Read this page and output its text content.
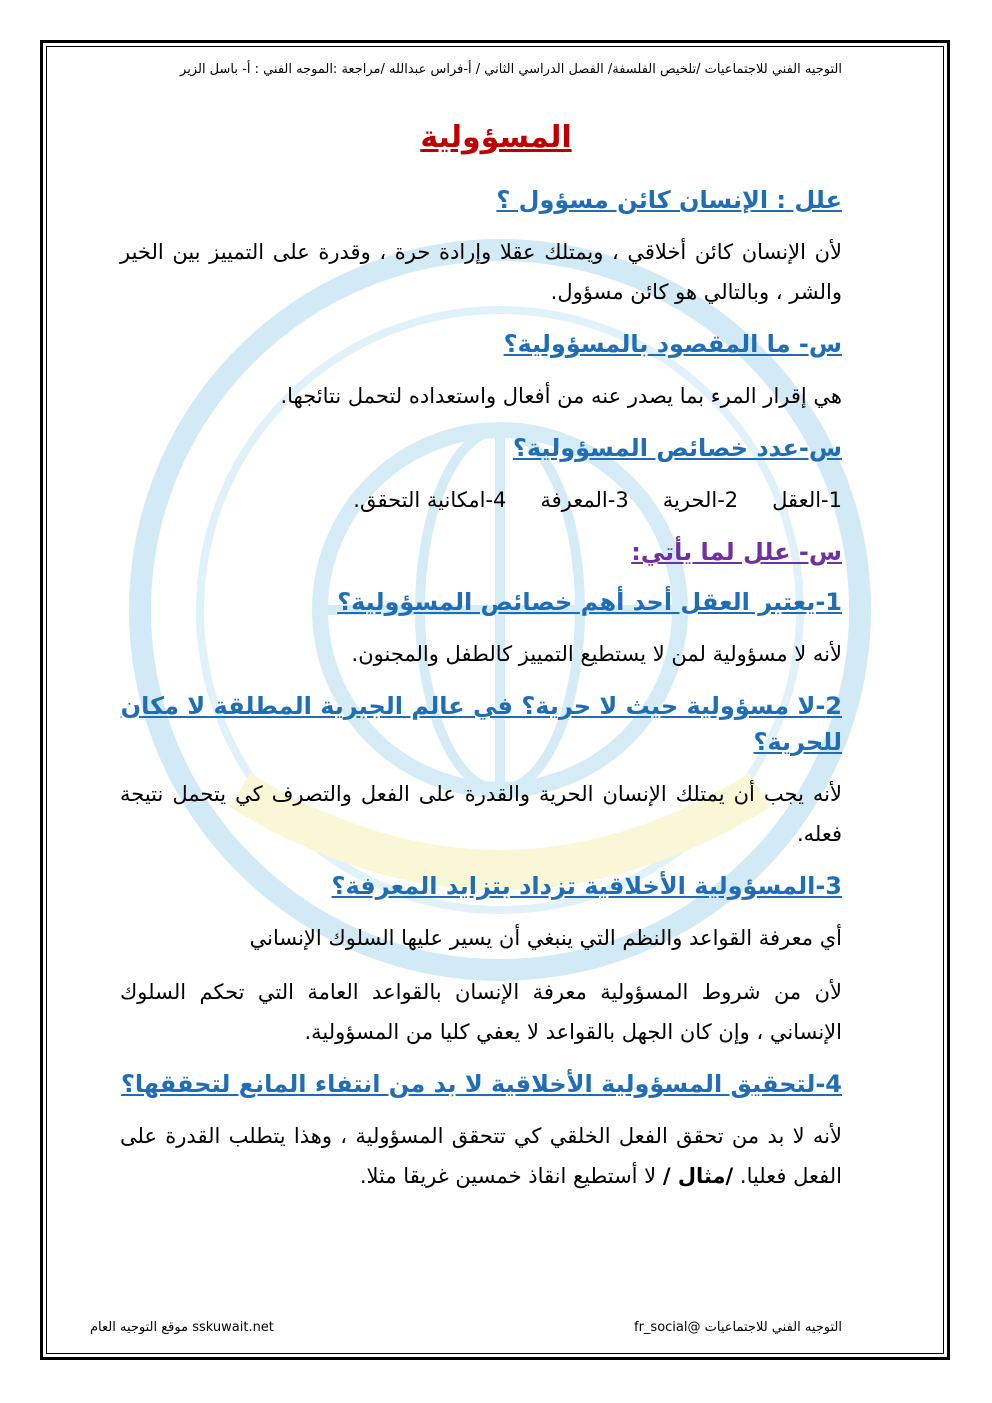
التوجيه الفني للاجتماعيات /تلخيص الفلسفة/ الفصل الدراسي الثاني / أ-فراس عبدالله /مراجعة :الموجه الفني : أ- باسل الزير
المسؤولية

علل : الإنسان كائن مسؤول ؟

لأن الإنسان كائن أخلاقي ، ويمتلك عقلا وإرادة حرة ، وقدرة على التمييز بين الخير والشر ، وبالتالي هو كائن مسؤول.

س- ما المقصود بالمسؤولية؟

هي إقرار المرء بما يصدر عنه من أفعال واستعداده لتحمل نتائجها.

س-عدد خصائص المسؤولية؟

1-العقل
2-الحرية
3-المعرفة
4-امكانية التحقق.

س- علل لما يأتي:

1-يعتبر العقل أحد أهم خصائص المسؤولية؟

لأنه لا مسؤولية لمن لا يستطيع التمييز كالطفل والمجنون.

2-لا مسؤولية حيث لا حرية؟ في عالم الجبرية المطلقة لا مكان للحرية؟

لأنه يجب أن يمتلك الإنسان الحرية والقدرة على الفعل والتصرف كي يتحمل نتيجة فعله.

3-المسؤولية الأخلاقية تزداد بتزايد المعرفة؟

أي معرفة القواعد والنظم التي ينبغي أن يسير عليها السلوك الإنساني

لأن من شروط المسؤولية معرفة الإنسان بالقواعد العامة التي تحكم السلوك الإنساني ، وإن كان الجهل بالقواعد لا يعفي كليا من المسؤولية.

4-لتحقيق المسؤولية الأخلاقية لا بد من انتفاء المانع لتحققها؟

لأنه لا بد من تحقق الفعل الخلقي كي تتحقق المسؤولية ، وهذا يتطلب القدرة على الفعل فعليا. /مثال / لا أستطيع انقاذ خمسين غريقا مثلا.

التوجيه الفني للاجتماعيات @fr_social
sskuwait.net موقع التوجيه العام
